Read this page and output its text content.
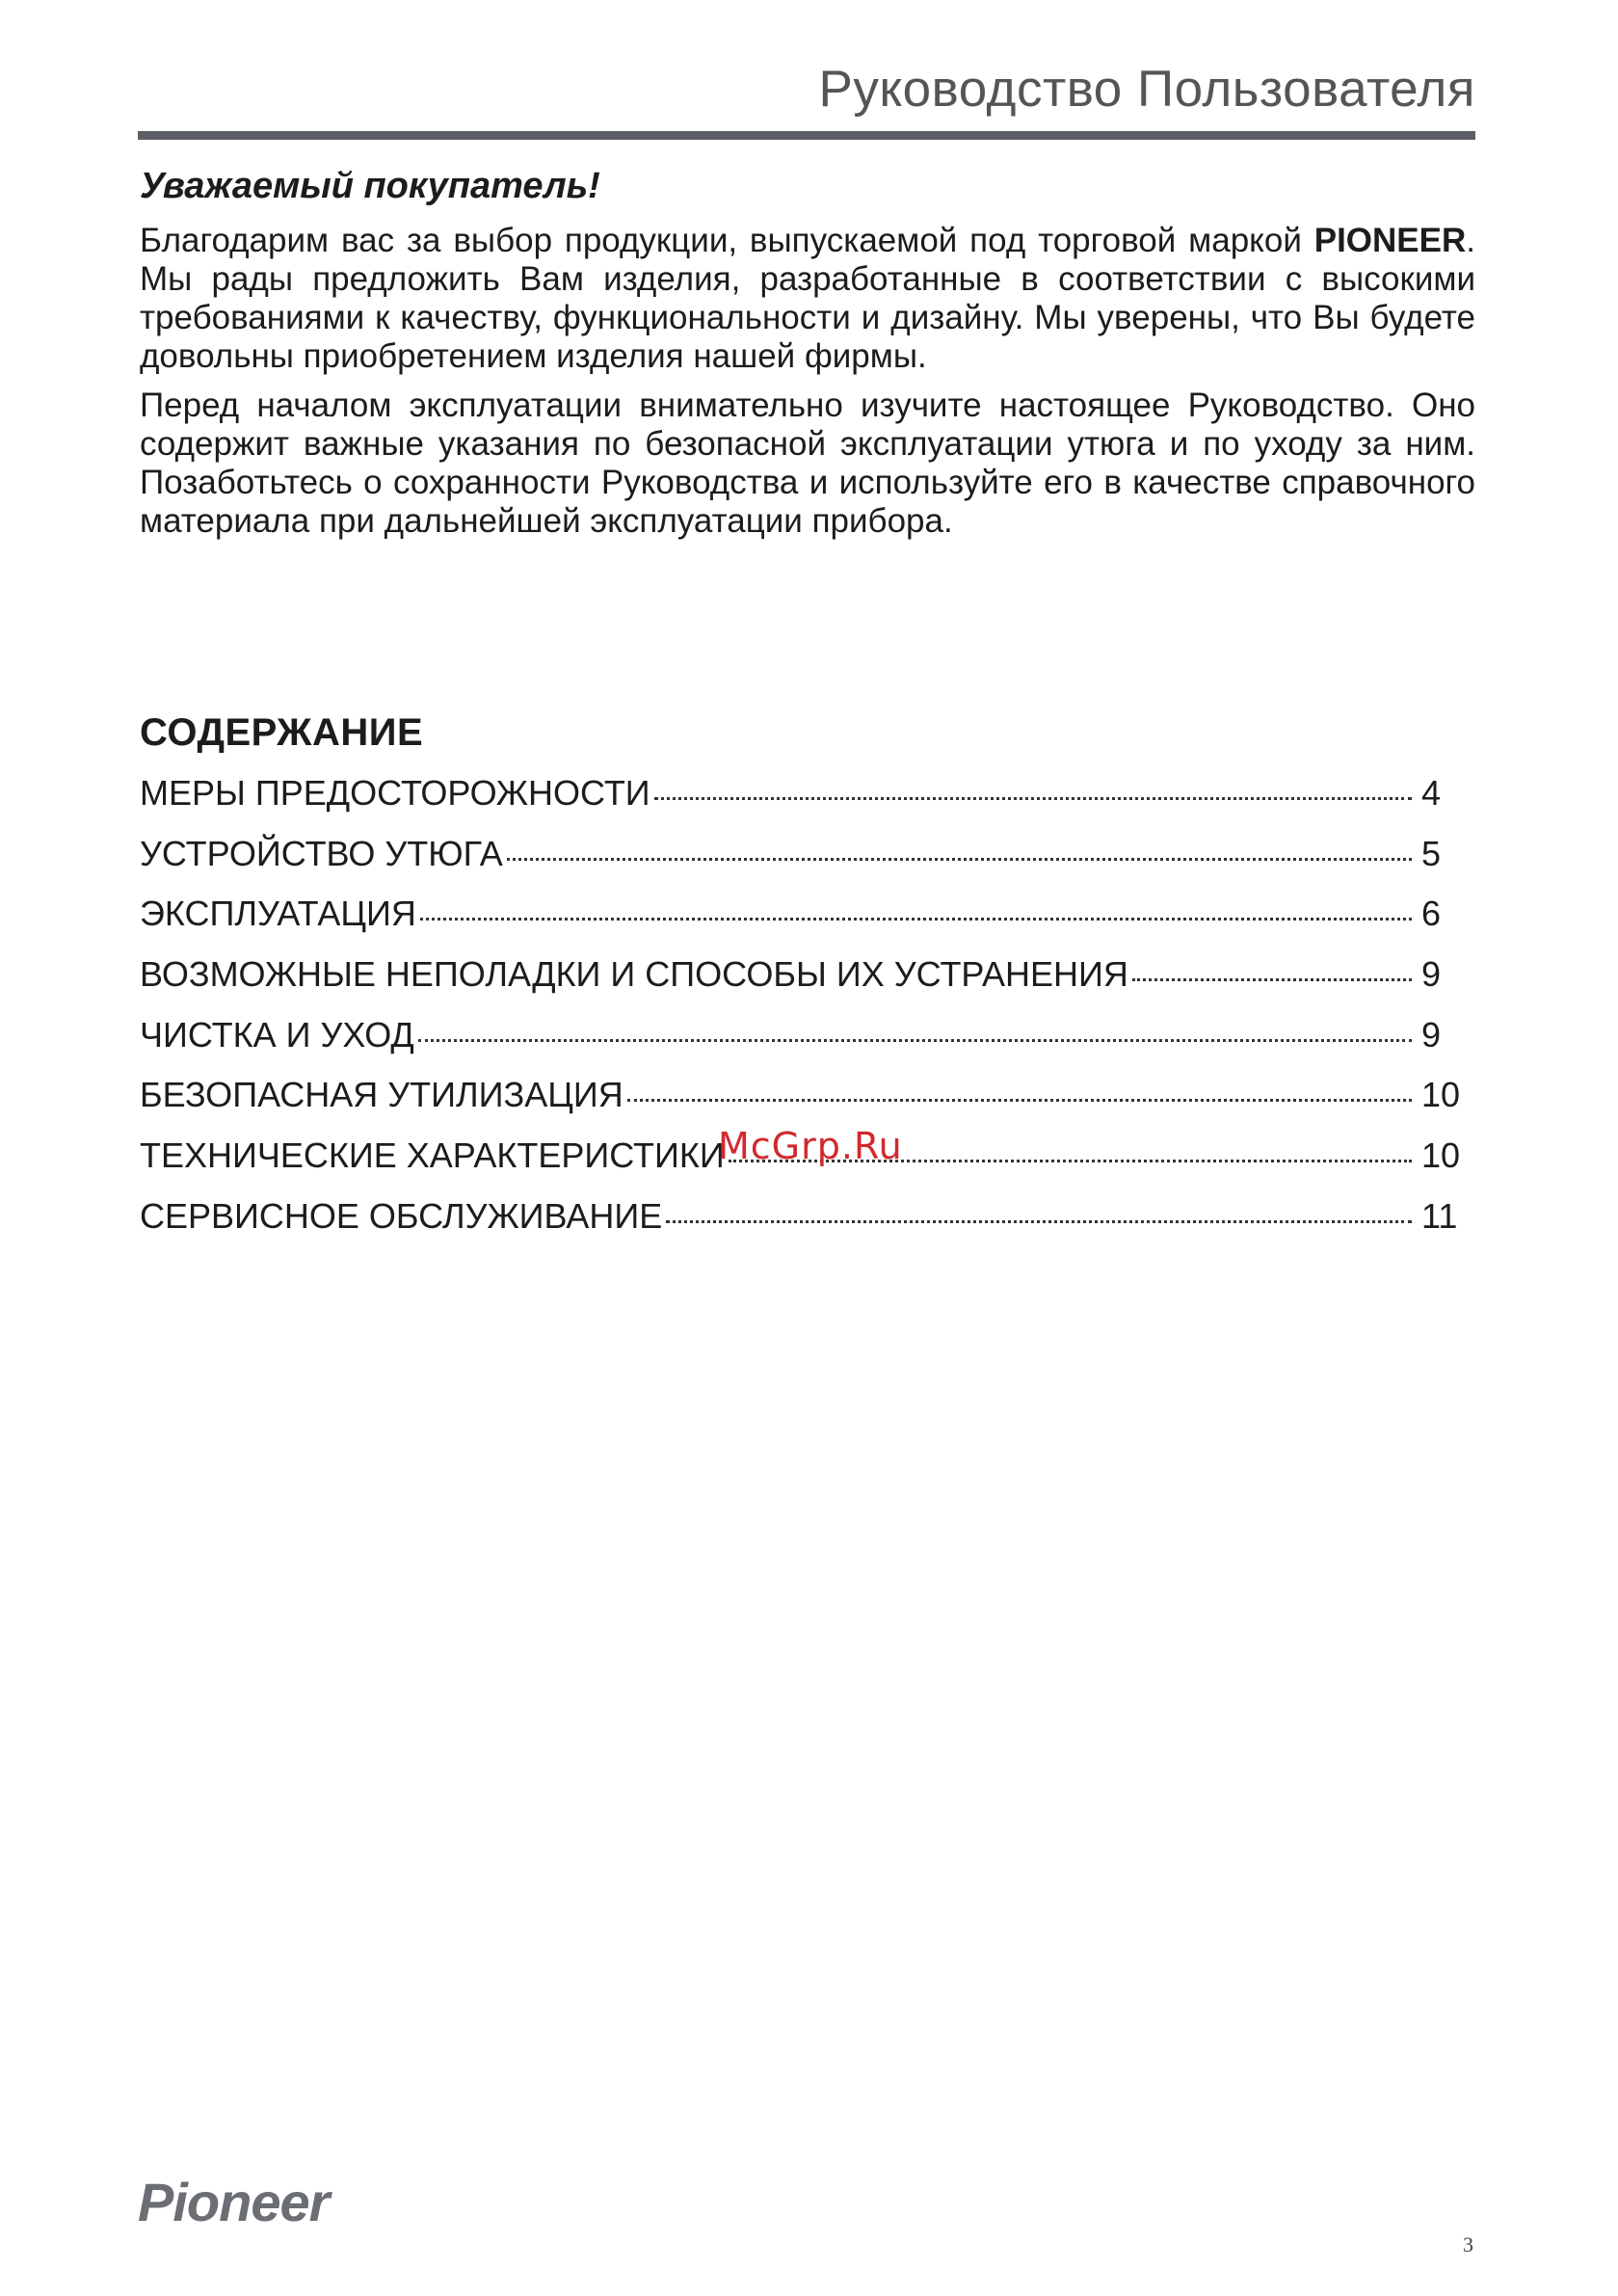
Руководство Пользователя
Уважаемый покупатель!

Благодарим вас за выбор продукции, выпускаемой под торговой маркой PIONEER. Мы рады предложить Вам изделия, разработанные в соответствии с высокими требованиями к качеству, функциональности и дизайну. Мы уверены, что Вы будете довольны приобретением изделия нашей фирмы.

Перед началом эксплуатации внимательно изучите настоящее Руководство. Оно содержит важные указания по безопасной эксплуатации утюга и по уходу за ним. Позаботьтесь о сохранности Руководства и используйте его в качестве справочного материала при дальнейшей эксплуатации прибора.

СОДЕРЖАНИЕ
МЕРЫ ПРЕДОСТОРОЖНОСТИ	4
УСТРОЙСТВО УТЮГА	5
ЭКСПЛУАТАЦИЯ	6
ВОЗМОЖНЫЕ НЕПОЛАДКИ И СПОСОБЫ ИХ УСТРАНЕНИЯ	9
ЧИСТКА И УХОД	9
БЕЗОПАСНАЯ УТИЛИЗАЦИЯ	10
ТЕХНИЧЕСКИЕ ХАРАКТЕРИСТИКИ	10
СЕРВИСНОЕ ОБСЛУЖИВАНИЕ	11
McGrp.Ru
Pioneer
3
